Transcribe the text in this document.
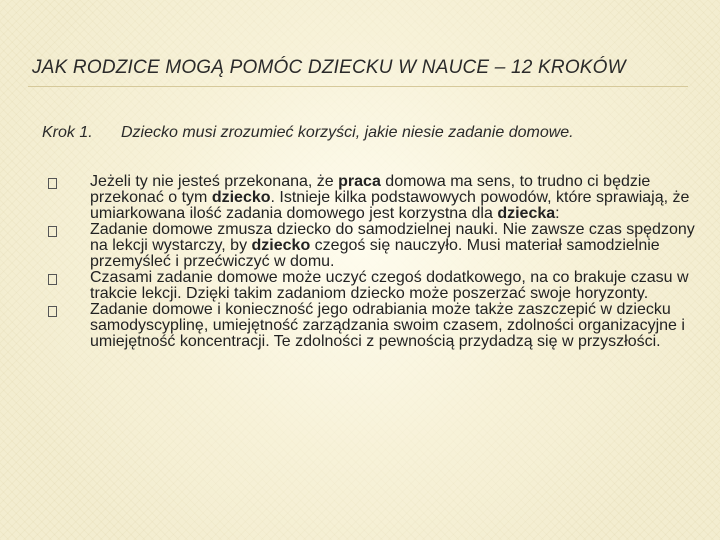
JAK RODZICE MOGĄ POMÓC DZIECKU W NAUCE – 12 KROKÓW
Krok 1. Dziecko musi zrozumieć korzyści, jakie niesie zadanie domowe.
Jeżeli ty nie jesteś przekonana, że praca domowa ma sens, to trudno ci będzie przekonać o tym dziecko. Istnieje kilka podstawowych powodów, które sprawiają, że umiarkowana ilość zadania domowego jest korzystna dla dziecka:
Zadanie domowe zmusza dziecko do samodzielnej nauki. Nie zawsze czas spędzony na lekcji wystarczy, by dziecko czegoś się nauczyło. Musi materiał samodzielnie przemyśleć i przećwiczyć w domu.
Czasami zadanie domowe może uczyć czegoś dodatkowego, na co brakuje czasu w trakcie lekcji. Dzięki takim zadaniom dziecko może poszerzać swoje horyzonty.
Zadanie domowe i konieczność jego odrabiania może także zaszczepić w dziecku samodyscyplinę, umiejętność zarządzania swoim czasem, zdolności organizacyjne i umiejętność koncentracji. Te zdolności z pewnością przydadzą się w przyszłości.
